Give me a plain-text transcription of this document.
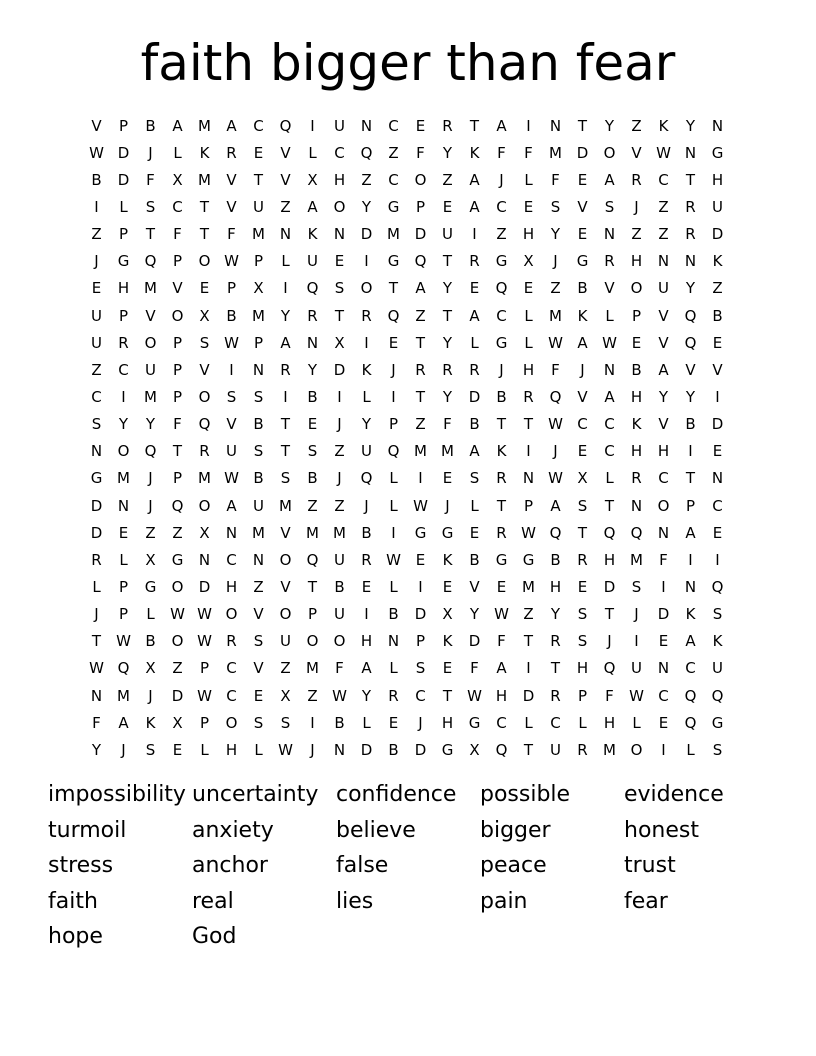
faith bigger than fear
V	P	B	A	M	A	C	Q	I	U	N	C	E	R	T	A	I	N	T	Y	Z	K	Y	N
W D	J	L	K	R	E	V	L	C	Q	Z	F	Y	K	F	F	M D	O	V W N	G
B	D	F	X	M	V	T	V	X	H	Z	C	O	Z	A	J	L	F	E	A	R	C	T	H
I	L	S	C	T	V	U	Z	A	O	Y	G	P	E	A	C	E	S	V	S	J	Z	R	U
Z	P	T	F	T	F	M N	K	N	D M D	U	I	Z	H	Y	E	N	Z	Z	R	D
J	G	Q	P	O W	P	L	U	E	I	G	Q	T	R	G	X	J	G	R	H	N	N	K
E	H M	V	E	P	X	I	Q	S	O	T	A	Y	E	Q	E	Z	B	V	O	U	Y	Z
U	P	V	O	X	B	M	Y	R	T	R	Q	Z	T	A	C	L	M	K	L	P	V	Q	B
U	R	O	P	S W	P	A	N	X	I	E	T	Y	L	G	L	W A W E	V	Q	E
Z	C	U	P	V	I	N	R	Y	D	K	J	R	R	R	J	H	F	J	N	B	A	V	V
C	I	M	P	O	S	S	I	B	I	L	I	T	Y	D	B	R	Q	V	A	H	Y	Y	I
S	Y	Y	F	Q	V	B	T	E	J	Y	P	Z	F	B	T	T	W C	C	K	V	B	D
N	O	Q	T	R	U	S	T	S	Z	U	Q M M	A	K	I	J	E	C	H	H	I	E
G M	J	P	M W B	S	B	J	Q	L	I	E	S	R	N W X	L	R	C	T	N
D	N	J	Q	O	A	U	M	Z	Z	J	L	W	J	L	T	P	A	S	T	N	O	P	C
D	E	Z	Z	X	N M	V	M M	B	I	G	G	E	R W Q	T	Q	Q	N	A	E
R	L	X	G	N	C	N	O	Q	U	R W E	K	B	G	G	B	R	H M	F	I	I
L	P	G	O	D	H	Z	V	T	B	E	L	I	E	V	E	M H	E	D	S	I	N	Q
J	P	L	W W O	V	O	P	U	I	B	D	X	Y	W Z	Y	S	T	J	D	K	S
T	W B	O W R	S	U	O	O	H	N	P	K	D	F	T	R	S	J	I	E	A	K
W Q	X	Z	P	C	V	Z	M	F	A	L	S	E	F	A	I	T	H	Q	U	N	C	U
N M	J	D W C	E	X	Z W Y	R	C	T	W H	D	R	P	F	W C	Q	Q
F	A	K	X	P	O	S	S	I	B	L	E	J	H	G	C	L	C	L	H	L	E	Q	G
Y	J	S	E	L	H	L	W	J	N	D	B	D	G	X	Q	T	U	R	M O	I	L	S
impossibility uncertainty confidence	possible	evidence
turmoil	anxiety	believe	bigger	honest
stress	anchor	false	peace	trust
faith	real	lies	pain	fear
hope	God
